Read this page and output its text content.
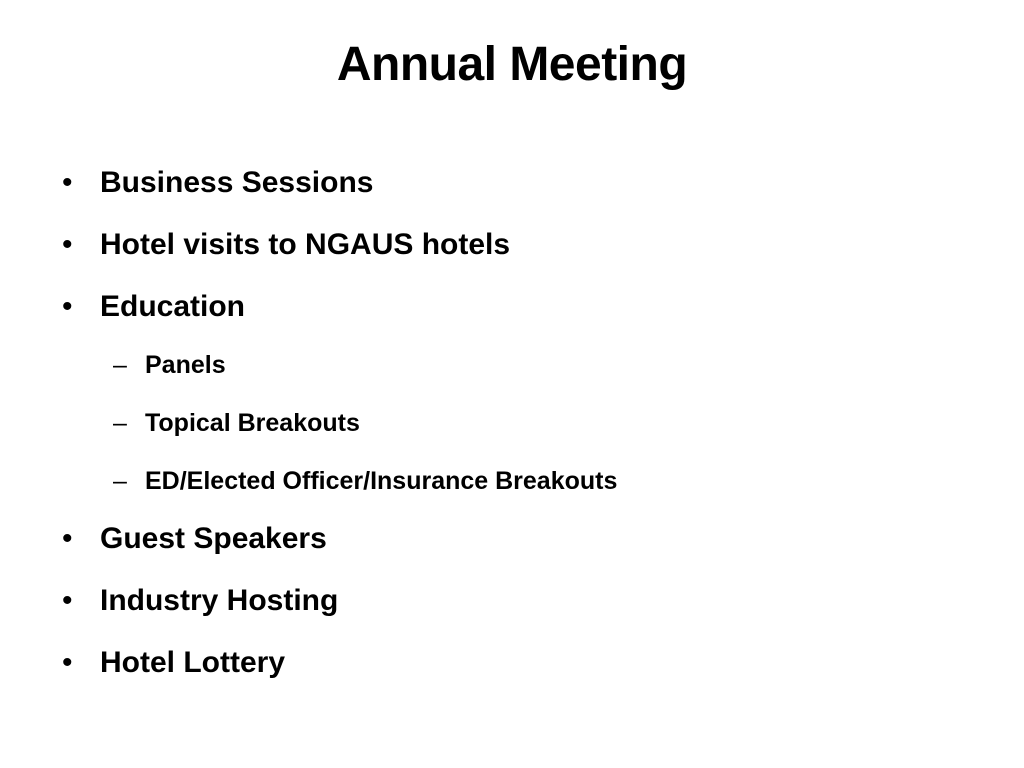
Annual Meeting
• Business Sessions
• Hotel visits to NGAUS hotels
• Education
– Panels
– Topical Breakouts
– ED/Elected Officer/Insurance Breakouts
• Guest Speakers
• Industry Hosting
• Hotel Lottery
